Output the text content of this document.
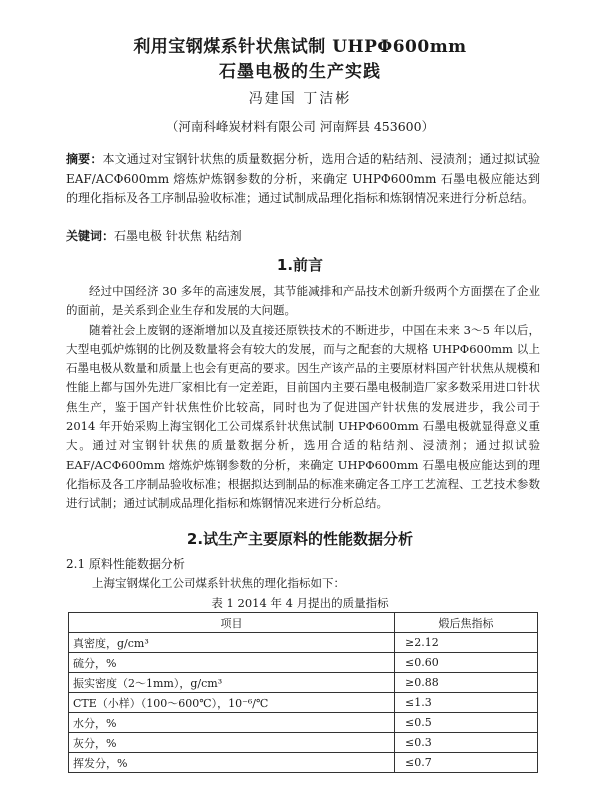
利用宝钢煤系针状焦试制 UHPΦ600mm
石墨电极的生产实践
冯建国 丁洁彬
（河南科峰炭材料有限公司 河南辉县 453600）
摘要：本文通过对宝钢针状焦的质量数据分析，选用合适的粘结剂、浸渍剂；通过拟试验 EAF/ACΦ600mm 熔炼炉炼钢参数的分析，来确定 UHPΦ600mm 石墨电极应能达到的理化指标及各工序制品验收标准；通过试制成品理化指标和炼钢情况来进行分析总结。
关键词：石墨电极 针状焦 粘结剂
1.前言

经过中国经济 30 多年的高速发展，其节能减排和产品技术创新升级两个方面摆在了企业的面前，是关系到企业生存和发展的大问题。

随着社会上废钢的逐渐增加以及直接还原铁技术的不断进步，中国在未来 3～5 年以后，大型电弧炉炼钢的比例及数量将会有较大的发展，而与之配套的大规格 UHPΦ600mm 以上石墨电极从数量和质量上也会有更高的要求。因生产该产品的主要原材料国产针状焦从规模和性能上都与国外先进厂家相比有一定差距，目前国内主要石墨电极制造厂家多数采用进口针状焦生产，鉴于国产针状焦性价比较高，同时也为了促进国产针状焦的发展进步，我公司于 2014 年开始采购上海宝钢化工公司煤系针状焦试制 UHPΦ600mm 石墨电极就显得意义重大。通过对宝钢针状焦的质量数据分析，选用合适的粘结剂、浸渍剂；通过拟试验 EAF/ACΦ600mm 熔炼炉炼钢参数的分析，来确定 UHPΦ600mm 石墨电极应能达到的理化指标及各工序制品验收标准；根据拟达到制品的标准来确定各工序工艺流程、工艺技术参数进行试制；通过试制成品理化指标和炼钢情况来进行分析总结。

2.试生产主要原料的性能数据分析
2.1 原料性能数据分析
上海宝钢煤化工公司煤系针状焦的理化指标如下：
表 1 2014 年 4 月提出的质量指标
项目	煅后焦指标
真密度，g/cm³	≥2.12
硫分，%	≤0.60
振实密度（2～1mm），g/cm³	≥0.88
CTE（小样）（100～600℃），10⁻⁶/℃	≤1.3
水分，%	≤0.5
灰分，%	≤0.3
挥发分，%	≤0.7
